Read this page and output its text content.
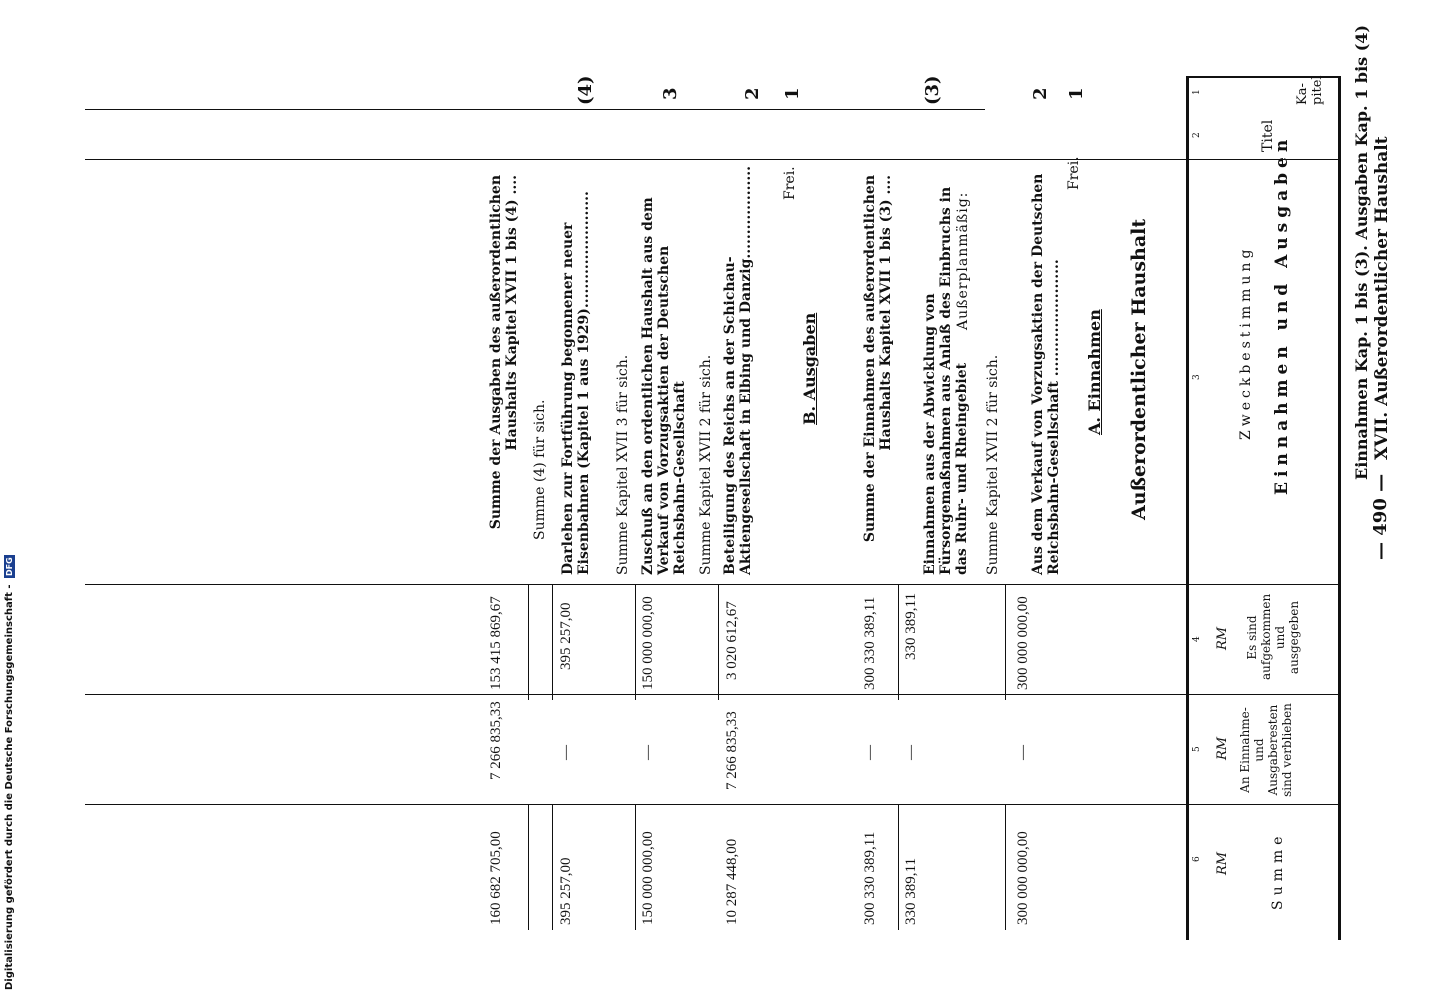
XVII. Außerordentlicher Haushalt
Einnahmen Kap. 1 bis (3). Ausgaben Kap. 1 bis (4)
— 490 —
Ka-
pitel
Titel
Einnahmen und Ausgaben
Zweckbestimmung
Es sind aufgekommen und ausgegeben
An Einnahme- und Ausgaberesten sind verblieben
Summe
RM
RM
RM
1
2
3
4
5
6
Außerordentlicher Haushalt
A. Einnahmen
B. Ausgaben
1
Frei.
2
Aus dem Verkauf von Vorzugsaktien der Deutschen Reichsbahn-Gesellschaft ........................
300 000 000,00
—
300 000 000,00
Summe Kapitel XVII 2 für sich.
Außerplanmäßig:
(3)
Einnahmen aus der Abwicklung von Fürsorgemaßnahmen aus Anlaß des Einbruchs in das Ruhr- und Rheingebiet
330 389,11
—
330 389,11
Summe der Einnahmen des außerordentlichen Haushalts Kapitel XVII 1 bis (3) ....
300 330 389,11
—
300 330 389,11
1
Frei.
2
Beteiligung des Reichs an der Schichau-Aktiengesellschaft in Elbing und Danzig...................
3 020 612,67
7 266 835,33
10 287 448,00
Summe Kapitel XVII 2 für sich.
3
Zuschuß an den ordentlichen Haushalt aus dem Verkauf von Vorzugsaktien der Deutschen Reichsbahn-Gesellschaft
150 000 000,00
—
150 000 000,00
Summe Kapitel XVII 3 für sich.
(4)
Darlehen zur Fortführung begonnener neuer Eisenbahnen (Kapitel 1 aus 1929)........................
395 257,00
—
395 257,00
Summe (4) für sich.
Summe der Ausgaben des außerordentlichen Haushalts Kapitel XVII 1 bis (4) ....
153 415 869,67
7 266 835,33
160 682 705,00
Digitalisierung gefördert durch die Deutsche Forschungsgemeinschaft - DFG
